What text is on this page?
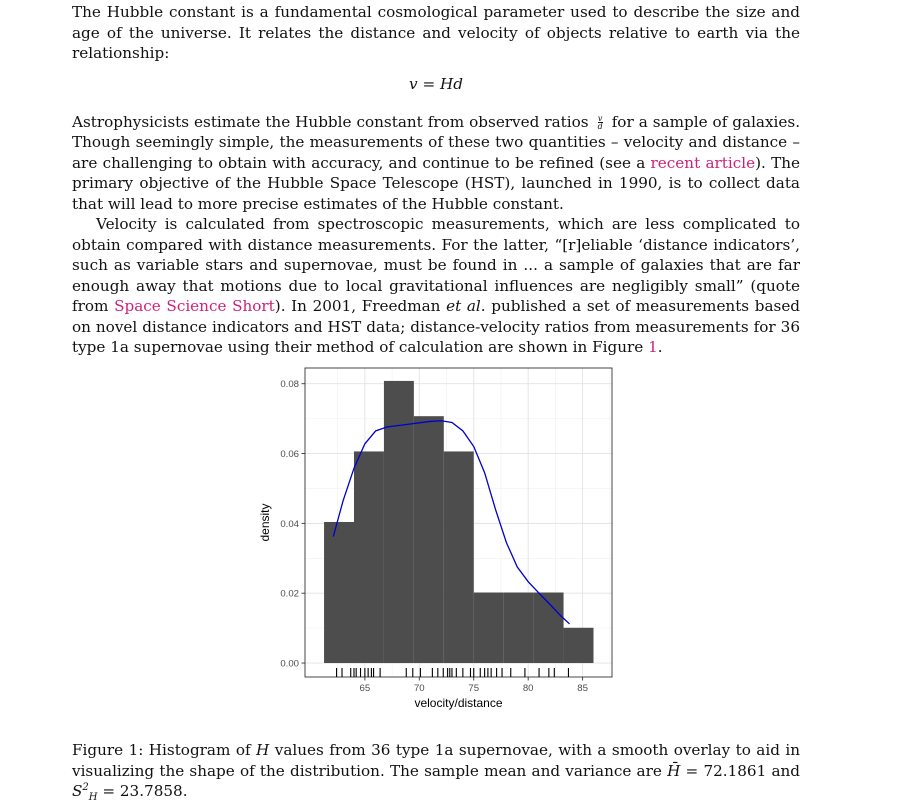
The Hubble constant is a fundamental cosmological parameter used to describe the size and age of the universe. It relates the distance and velocity of objects relative to earth via the relationship:

v = Hd

Astrophysicists estimate the Hubble constant from observed ratios $\frac{v}{d}$ for a sample of galaxies. Though seemingly simple, the measurements of these two quantities – velocity and distance – are challenging to obtain with accuracy, and continue to be refined (see a recent article). The primary objective of the Hubble Space Telescope (HST), launched in 1990, is to collect data that will lead to more precise estimates of the Hubble constant.

Velocity is calculated from spectroscopic measurements, which are less complicated to obtain compared with distance measurements. For the latter, “[r]eliable ‘distance indicators’, such as variable stars and supernovae, must be found in ... a sample of galaxies that are far enough away that motions due to local gravitational influences are negligibly small” (quote from Space Science Short). In 2001, Freedman et al. published a set of measurements based on novel distance indicators and HST data; distance-velocity ratios from measurements for 36 type 1a supernovae using their method of calculation are shown in Figure 1.

0.00
0.02
0.04
0.06
0.08
65	70	75	80	85
velocity/distance
density

Figure 1: Histogram of H values from 36 type 1a supernovae, with a smooth overlay to aid in visualizing the shape of the distribution. The sample mean and variance are H̄ = 72.1861 and $S^2_H = 23.7858$.
